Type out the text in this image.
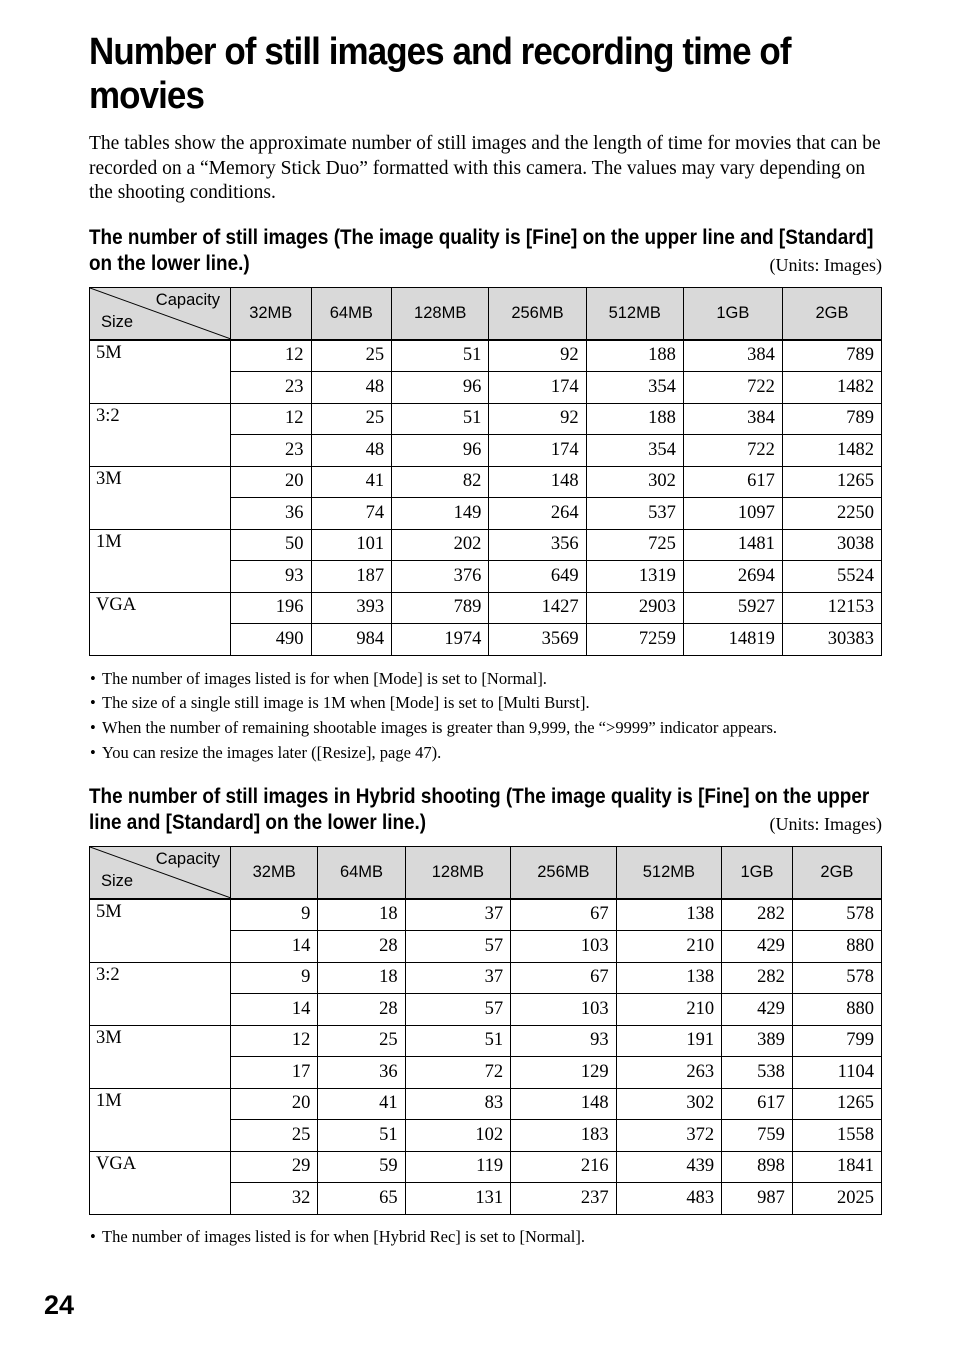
Number of still images and recording time of movies

The tables show the approximate number of still images and the length of time for movies that can be recorded on a “Memory Stick Duo” formatted with this camera. The values may vary depending on the shooting conditions.

The number of still images (The image quality is [Fine] on the upper line and [Standard] on the lower line.)	(Units: Images)
Capacity
Size	32MB	64MB	128MB	256MB	512MB	1GB	2GB
5M	12	25	51	92	188	384	789
	23	48	96	174	354	722	1482
3:2	12	25	51	92	188	384	789
	23	48	96	174	354	722	1482
3M	20	41	82	148	302	617	1265
	36	74	149	264	537	1097	2250
1M	50	101	202	356	725	1481	3038
	93	187	376	649	1319	2694	5524
VGA	196	393	789	1427	2903	5927	12153
	490	984	1974	3569	7259	14819	30383
• The number of images listed is for when [Mode] is set to [Normal].
• The size of a single still image is 1M when [Mode] is set to [Multi Burst].
• When the number of remaining shootable images is greater than 9,999, the “>9999” indicator appears.
• You can resize the images later ([Resize], page 47).
The number of still images in Hybrid shooting (The image quality is [Fine] on the upper line and [Standard] on the lower line.)	(Units: Images)
Capacity
Size	32MB	64MB	128MB	256MB	512MB	1GB	2GB
5M	9	18	37	67	138	282	578
	14	28	57	103	210	429	880
3:2	9	18	37	67	138	282	578
	14	28	57	103	210	429	880
3M	12	25	51	93	191	389	799
	17	36	72	129	263	538	1104
1M	20	41	83	148	302	617	1265
	25	51	102	183	372	759	1558
VGA	29	59	119	216	439	898	1841
	32	65	131	237	483	987	2025
• The number of images listed is for when [Hybrid Rec] is set to [Normal].
24
